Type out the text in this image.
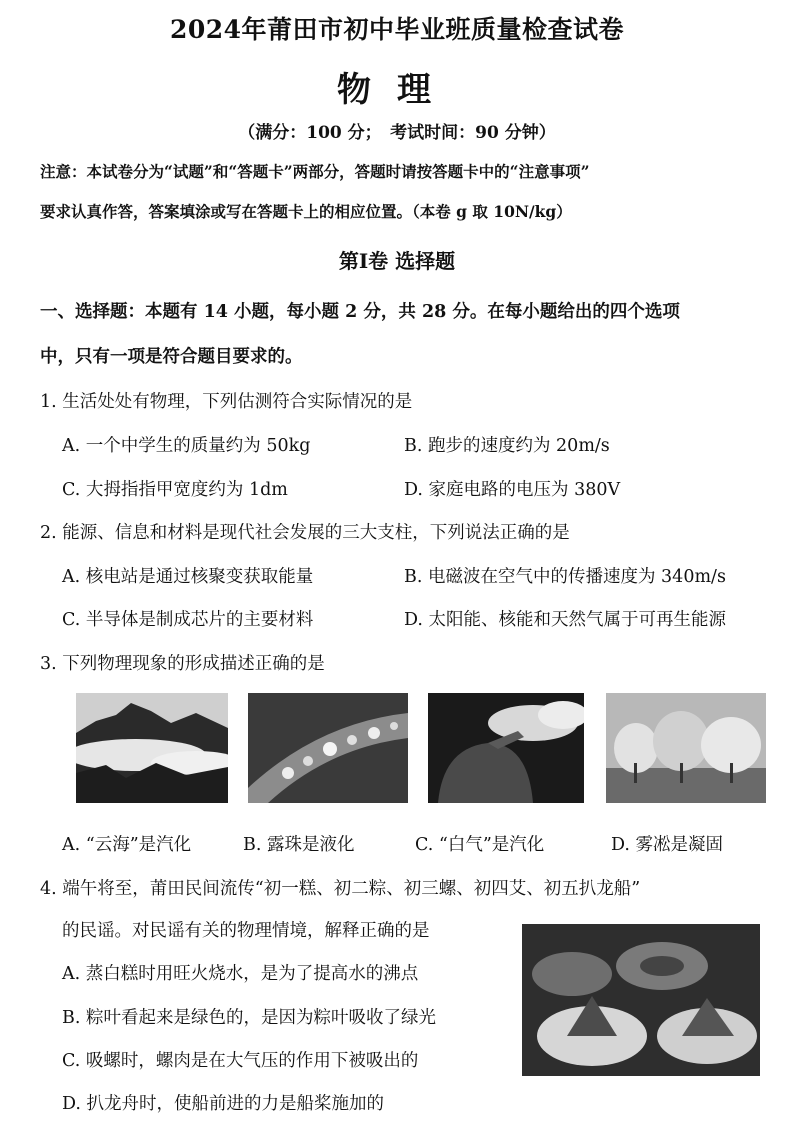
2024年莆田市初中毕业班质量检查试卷
物理
（满分：100 分；　考试时间：90 分钟）
注意：本试卷分为“试题”和“答题卡”两部分，答题时请按答题卡中的“注意事项”
要求认真作答，答案填涂或写在答题卡上的相应位置。（本卷 g 取 10N/kg）
第Ⅰ卷 选择题
一、选择题：本题有 14 小题，每小题 2 分，共 28 分。在每小题给出的四个选项
中，只有一项是符合题目要求的。
1. 生活处处有物理，下列估测符合实际情况的是
A. 一个中学生的质量约为 50kg	B. 跑步的速度约为 20m/s
C. 大拇指指甲宽度约为 1dm	D. 家庭电路的电压为 380V
2. 能源、信息和材料是现代社会发展的三大支柱，下列说法正确的是
A. 核电站是通过核聚变获取能量	B. 电磁波在空气中的传播速度为 340m/s
C. 半导体是制成芯片的主要材料	D. 太阳能、核能和天然气属于可再生能源
3. 下列物理现象的形成描述正确的是
A. “云海”是汽化	B. 露珠是液化	C. “白气”是汽化	D. 雾凇是凝固
4. 端午将至，莆田民间流传“初一糕、初二粽、初三螺、初四艾、初五扒龙船”
的民谣。对民谣有关的物理情境，解释正确的是
A. 蒸白糕时用旺火烧水，是为了提高水的沸点
B. 粽叶看起来是绿色的，是因为粽叶吸收了绿光
C. 吸螺时，螺肉是在大气压的作用下被吸出的
D. 扒龙舟时，使船前进的力是船桨施加的
